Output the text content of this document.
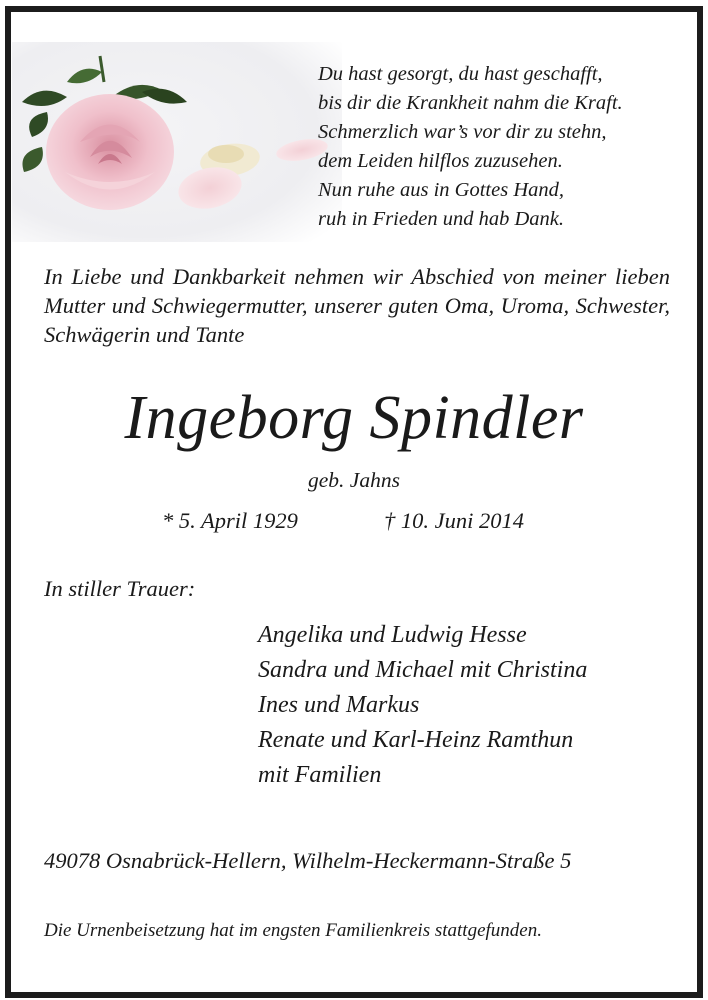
Du hast gesorgt, du hast geschafft,
bis dir die Krankheit nahm die Kraft.
Schmerzlich war’s vor dir zu stehn,
dem Leiden hilflos zuzusehen.
Nun ruhe aus in Gottes Hand,
ruh in Frieden und hab Dank.
In Liebe und Dankbarkeit nehmen wir Abschied von meiner lieben Mutter und Schwiegermutter, unserer guten Oma, Uroma, Schwester, Schwägerin und Tante
Ingeborg Spindler
geb. Jahns
* 5. April 1929	† 10. Juni 2014
In stiller Trauer:
Angelika und Ludwig Hesse
Sandra und Michael mit Christina
Ines und Markus
Renate und Karl-Heinz Ramthun
mit Familien
49078 Osnabrück-Hellern, Wilhelm-Heckermann-Straße 5
Die Urnenbeisetzung hat im engsten Familienkreis stattgefunden.
